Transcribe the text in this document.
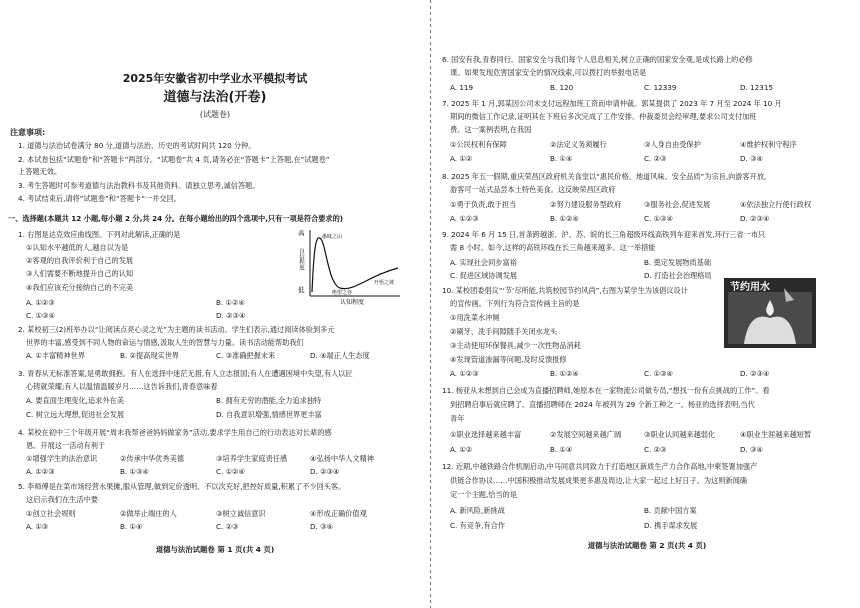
2025年安徽省初中学业水平模拟考试
道德与法治(开卷)
(试题卷)
注意事项:
1. 道德与法治试卷满分 80 分,道德与法治、历史的考试时间共 120 分钟。
2. 本试卷包括“试题卷”和“答题卡”两部分。“试题卷”共 4 页,请务必在“答题卡”上答题,在“试题卷”
上答题无效。
3. 考生答题时可参考道德与法治教科书及其他资料。请独立思考,诚信答题。
4. 考试结束后,请将“试题卷”和“答题卡”一并交回。
一、选择题(本题共 12 小题,每小题 2 分,共 24 分。在每小题给出的四个选项中,只有一项是符合要求的)
1. 右图是达克效应曲线图。下列对此解读,正确的是
①认知水平越低的人,越自以为是
②客观的自我评价利于自己的发展
③人们需要不断地提升自己的认知
④我们应该充分接纳自己的不完美
A. ①②③	B. ①②④
C. ①③④	D. ②③④
高
低
自信程度
愚昧之山
绝望之谷
开悟之坡
认知程度
2. 某校初三(2)班举办以“让阅读点亮心灵之光”为主题的读书活动。学生们表示,通过阅读体验到多元
世界的丰富,感受到不同人物的命运与情感,汲取人生的智慧与力量。读书活动能帮助我们
A. ①丰富精神世界	B. ②提高现实世界	C. ③准确把握未来	D. ④端正人生态度
3. 青春从无标准答案,是勇敢拥抱。有人在选择中迷茫无措,有人立志报国;有人在遭遇困境中失望,有人以匠
心铸就荣耀;有人以温情温暖岁月……这告诉我们,青春意味着
A. 要直面生理变化,追求外在美	B. 拥有无穷的潜能,全力追求独特
C. 树立远大理想,促进社会发展	D. 自我意识增强,情感世界更丰富
4. 某校在初中三个年级开展“周末我帮爸爸妈妈做家务”活动,要求学生用自己的行动表达对长辈的感
恩。开展这一活动有利于
①增强学生的法治意识	②传承中华优秀美德	③培养学生家庭责任感	④弘扬中华人文精神
A. ①②③	B. ①③④	C. ①②④	D. ②③④
5. 李师傅是在菜市场经营水果摊,服从管理,做到定价透明、不以次充好,把控好质量,积累了不少回头客。
这启示我们在生活中要
①创立社会规则	②做举止端庄的人	③树立诚信意识	④形成正确价值观
A. ①③	B. ①④	C. ②③	D. ③④
道德与法治试题卷 第 1 页(共 4 页)
6. 国安有我,青春同行。国家安全与我们每个人息息相关,树立正确的国家安全观,是成长路上的必修
课。如果发现危害国家安全的情况线索,可以拨打的举报电话是
A. 119	B. 120	C. 12339	D. 12315
7. 2025 年 1 月,郭某因公司未支付远程加班工资而申请仲裁。郭某提供了 2023 年 7 月至 2024 年 10 月
期间的微信工作记录,证明其在下班后多次完成了工作安排。仲裁委员会经审理,要求公司支付加班
费。这一案例表明,在我国
①公民权利有保障	②法定义务须履行	③人身自由受保护	④维护权利守程序
A. ①②	B. ①④	C. ②③	D. ③④
8. 2025 年五一假期,重庆荣昌区政府机关食堂以“惠民价格、地道风味、安全品质”为宗旨,向游客开放,
游客可一站式品尝本土特色美食。这反映荣昌区政府
①勇于负责,敢于担当	②努力建设服务型政府	③服务社会,促进发展	④依法独立行使行政权
A. ①②③	B. ①②④	C. ①③④	D. ②③④
9. 2024 年 6 月 15 日,首条跨越浙、沪、苏、皖的长三角超级环线高铁列车迎来首发,环行三省一市只
需 8 小时。如今,这样的高铁环线在长三角越来越多。这一举措能
A. 实现社会同步富裕	B. 奠定发展物质基础
C. 促进区域协调发展	D. 打造社会治理格局
10. 某校团委倡议“‘节’尽所能,共筑校园节约风尚”,右图为某学生为该倡议设计
的宣传画。下列行为符合宣传画主旨的是
①用洗菜水冲厕
②刷牙、洗手间隙随手关闭水龙头
③主动使用环保餐具,减少一次性物品消耗
④发现管道渗漏等问题,及时反馈报修
A. ①②③	B. ①②④	C. ①③④	D. ②③④
节约用水
11. 杨亚从未想到自己会成为直播招聘师,她原本在一家物流公司做专员,“想找一份有点挑战的工作”。看
到招聘启事后就应聘了。直播招聘师在 2024 年被列为 29 个新工种之一。杨亚的选择表明,当代
青年
①职业选择越来越丰富	②发展空间越来越广阔	③职业认同越来越弱化	④职业生涯越来越短暂
A. ①②	B. ①④	C. ②③	D. ③④
12. 近期,中越铁路合作机制启动,中马同意共同致力于打造地区新质生产力合作高地,中柬签署加强产
供链合作协议……中国积极推动发展成果更多惠及周边,让大家一起过上好日子。为这则新闻确
定一个主题,恰当的是
A. 新风险,新挑战	B. 贡献中国方案
C. 有竞争,有合作	D. 携手谋求发展
道德与法治试题卷 第 2 页(共 4 页)
